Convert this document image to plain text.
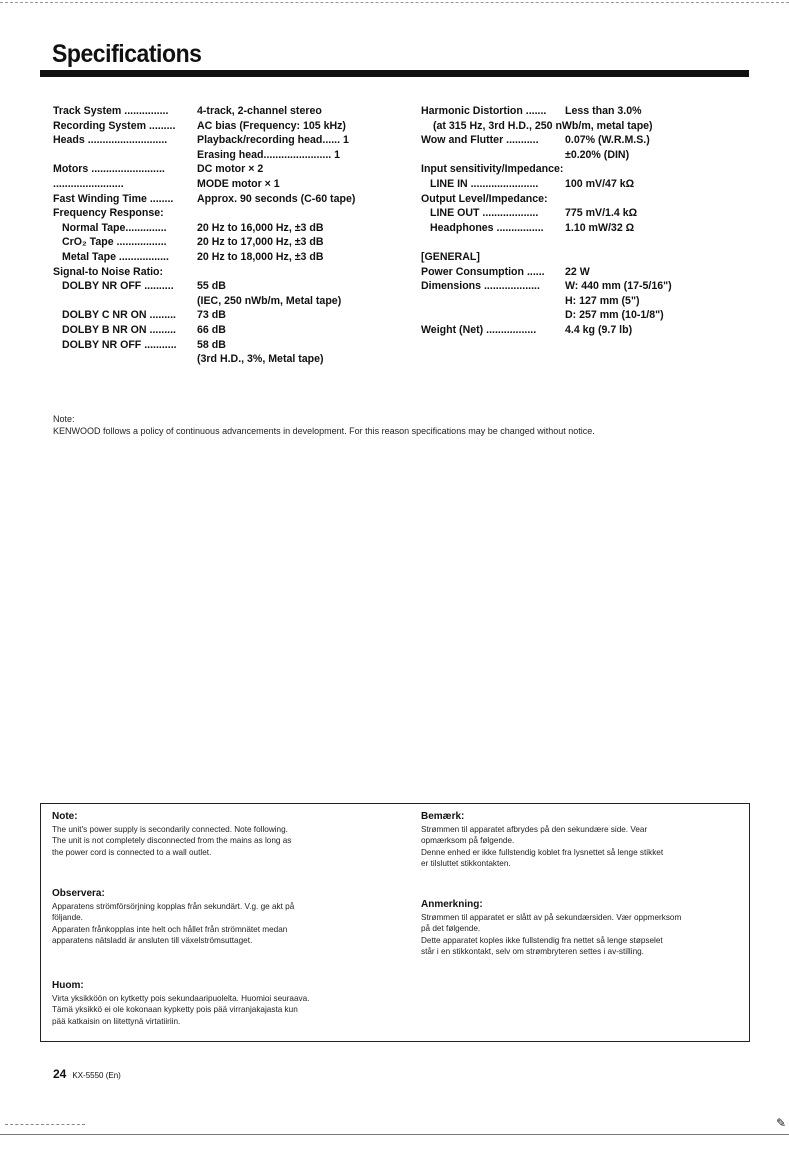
Specifications
Track System ...............	4-track, 2-channel stereo
Recording System .........	AC bias (Frequency: 105 kHz)
Heads ...........................	Playback/recording head...... 1
Erasing head....................... 1
Motors .........................	DC motor × 2
........................	MODE motor × 1
Fast Winding Time ........	Approx. 90 seconds (C-60 tape)
Frequency Response:
Normal Tape..............	20 Hz to 16,000 Hz, ±3 dB
CrO₂ Tape .................	20 Hz to 17,000 Hz, ±3 dB
Metal Tape .................	20 Hz to 18,000 Hz, ±3 dB
Signal-to Noise Ratio:
DOLBY NR OFF ..........	55 dB
(IEC, 250 nWb/m, Metal tape)
DOLBY C NR ON .........	73 dB
DOLBY B NR ON .........	66 dB
DOLBY NR OFF ...........	58 dB
(3rd H.D., 3%, Metal tape)
Harmonic Distortion .......	Less than 3.0%
(at 315 Hz, 3rd H.D., 250 nWb/m, metal tape)
Wow and Flutter ...........	0.07% (W.R.M.S.)
±0.20% (DIN)
Input sensitivity/Impedance:
LINE IN .......................	100 mV/47 kΩ
Output Level/Impedance:
LINE OUT ...................	775 mV/1.4 kΩ
Headphones ................	1.10 mW/32 Ω
[GENERAL]
Power Consumption ......	22 W
Dimensions ...................	W: 440 mm (17-5/16")
H: 127 mm (5")
D: 257 mm (10-1/8")
Weight (Net) .................	4.4 kg (9.7 lb)
Note:
KENWOOD follows a policy of continuous advancements in development. For this reason specifications may be changed without notice.
Note:
The unit's power supply is secondarily connected. Note following.
The unit is not completely disconnected from the mains as long as
the power cord is connected to a wall outlet.
Observera:
Apparatens strömförsörjning kopplas från sekundärt. V.g. ge akt på
följande.
Apparaten frånkopplas inte helt och hållet från strömnätet medan
apparatens nätsladd är ansluten till växelströmsuttaget.
Huom:
Virta yksikköön on kytketty pois sekundaaripuolelta. Huomioi seuraava.
Tämä yksikkö ei ole kokonaan kypketty pois pää virranjakajasta kun
pää katkaisin on liitettynä virtatiiriin.
Bemærk:
Strømmen til apparatet afbrydes på den sekundære side. Vear
opmærksom på følgende.
Denne enhed er ikke fullstendig koblet fra lysnettet så lenge stikket
er tilsluttet stikkontakten.
Anmerkning:
Strømmen til apparatet er slått av på sekundærsiden. Vær oppmerksom
på det følgende.
Dette apparatet koples ikke fullstendig fra nettet så lenge støpselet
står i en stikkontakt, selv om strømbryteren settes i av-stilling.
24 KX-5550 (En)
✎
